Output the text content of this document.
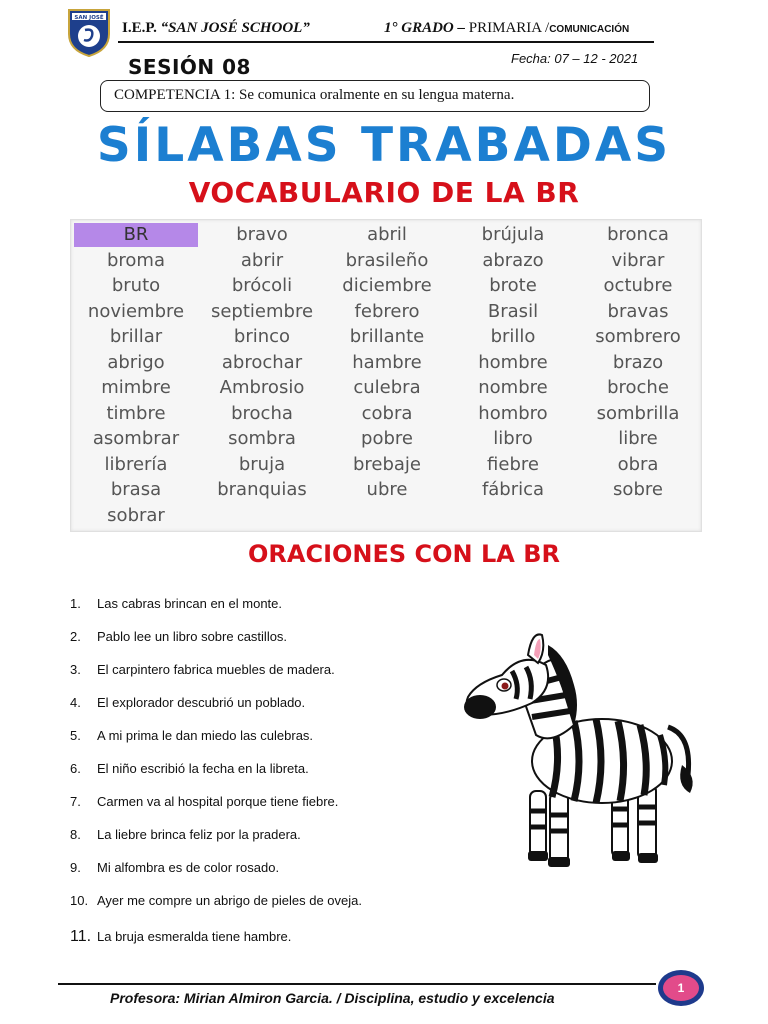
SAN JOSÉ
I.E.P. “SAN JOSÉ SCHOOL”	1° GRADO – PRIMARIA /COMUNICACIÓN
SESIÓN 08	Fecha: 07 – 12 - 2021
COMPETENCIA 1: Se comunica oralmente en su lengua materna.
SÍLABAS TRABADAS
VOCABULARIO DE LA BR
BR	bravo	abril	brújula	bronca
broma	abrir	brasileño	abrazo	vibrar
bruto	brócoli	diciembre	brote	octubre
noviembre	septiembre	febrero	Brasil	bravas
brillar	brinco	brillante	brillo	sombrero
abrigo	abrochar	hambre	hombre	brazo
mimbre	Ambrosio	culebra	nombre	broche
timbre	brocha	cobra	hombro	sombrilla
asombrar	sombra	pobre	libro	libre
librería	bruja	brebaje	fiebre	obra
brasa	branquias	ubre	fábrica	sobre
sobrar
ORACIONES CON LA BR
1. Las cabras brincan en el monte.
2. Pablo lee un libro sobre castillos.
3. El carpintero fabrica muebles de madera.
4. El explorador descubrió un poblado.
5. A mi prima le dan miedo las culebras.
6. El niño escribió la fecha en la libreta.
7. Carmen va al hospital porque tiene fiebre.
8. La liebre brinca feliz por la pradera.
9. Mi alfombra es de color rosado.
10. Ayer me compre un abrigo de pieles de oveja.
11. La bruja esmeralda tiene hambre.
Profesora: Mirian Almiron Garcia. / Disciplina, estudio y excelencia
1
